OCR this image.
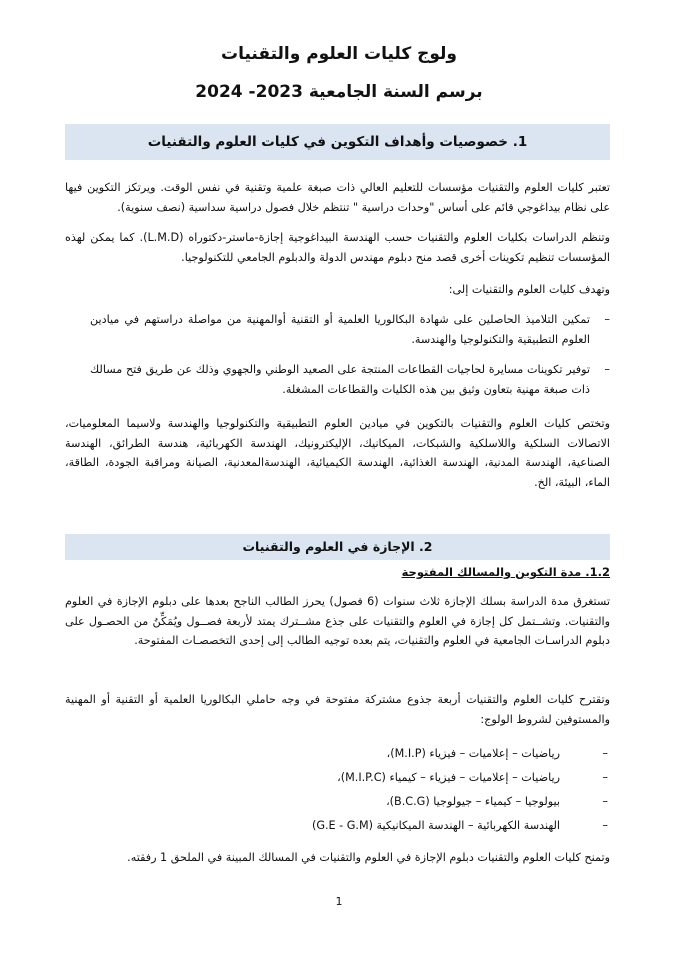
ولوج كليات العلوم والتقنيات
برسم السنة الجامعية 2023- 2024
1. خصوصيات وأهداف التكوين في كليات العلوم والتقنيات

تعتبر كليات العلوم والتقنيات مؤسسات للتعليم العالي ذات صبغة علمية وتقنية في نفس الوقت. ويرتكز التكوين فيها على نظام بيداغوجي قائم على أساس "وحدات دراسية " تنتظم خلال فصول دراسية سداسية (نصف سنوية).

وتنظم الدراسات بكليات العلوم والتقنيات حسب الهندسة البيداغوجية إجازة-ماستر-دكتوراه (L.M.D). كما يمكن لهذه المؤسسات تنظيم تكوينات أخرى قصد منح دبلوم مهندس الدولة والدبلوم الجامعي للتكنولوجيا.

وتهدف كليات العلوم والتقنيات إلى:

– تمكين التلاميذ الحاصلين على شهادة البكالوريا العلمية أو التقنية أوالمهنية من مواصلة دراستهم في ميادين العلوم التطبيقية والتكنولوجيا والهندسة.

– توفير تكوينات مسايرة لحاجيات القطاعات المنتجة على الصعيد الوطني والجهوي وذلك عن طريق فتح مسالك ذات صبغة مهنية بتعاون وثيق بين هذه الكليات والقطاعات المشغلة.

وتختص كليات العلوم والتقنيات بالتكوين في ميادين العلوم التطبيقية والتكنولوجيا والهندسة ولاسيما المعلوميات، الاتصالات السلكية واللاسلكية والشبكات، الميكانيك، الإليكترونيك، الهندسة الكهربائية، هندسة الطرائق، الهندسة الصناعية، الهندسة المدنية، الهندسة الغذائية، الهندسة الكيميائية، الهندسةالمعدنية، الصيانة ومراقبة الجودة، الطاقة، الماء، البيئة، الخ.

2. الإجازة في العلوم والتقنيات

1.2. مدة التكوين والمسالك المفتوحة

تستغرق مدة الدراسة بسلك الإجازة ثلاث سنوات (6 فصول) يحرز الطالب الناجح بعدها على دبلوم الإجازة في العلوم والتقنيات. وتشــتمل كل إجازة في العلوم والتقنيات على جذع مشــترك يمتد لأربعة فصــول ويُمَكِّنُ من الحصـول على دبلوم الدراسـات الجامعية في العلوم والتقنيات، يتم بعده توجيه الطالب إلى إحدى التخصصـات المفتوحة.

وتقترح كليات العلوم والتقنيات أربعة جذوع مشتركة مفتوحة في وجه حاملي البكالوريا العلمية أو التقنية أو المهنية والمستوفين لشروط الولوج:

– رياضيات – إعلاميات – فيزياء (M.I.P)،
– رياضيات – إعلاميات – فيزياء – كيمياء (M.I.P.C)،
– بيولوجيا – كيمياء – جيولوجيا (B.C.G)،
– الهندسة الكهربائية – الهندسة الميكانيكية (G.E - G.M)

وتمنح كليات العلوم والتقنيات دبلوم الإجازة في العلوم والتقنيات في المسالك المبينة في الملحق 1 رفقته.

1
